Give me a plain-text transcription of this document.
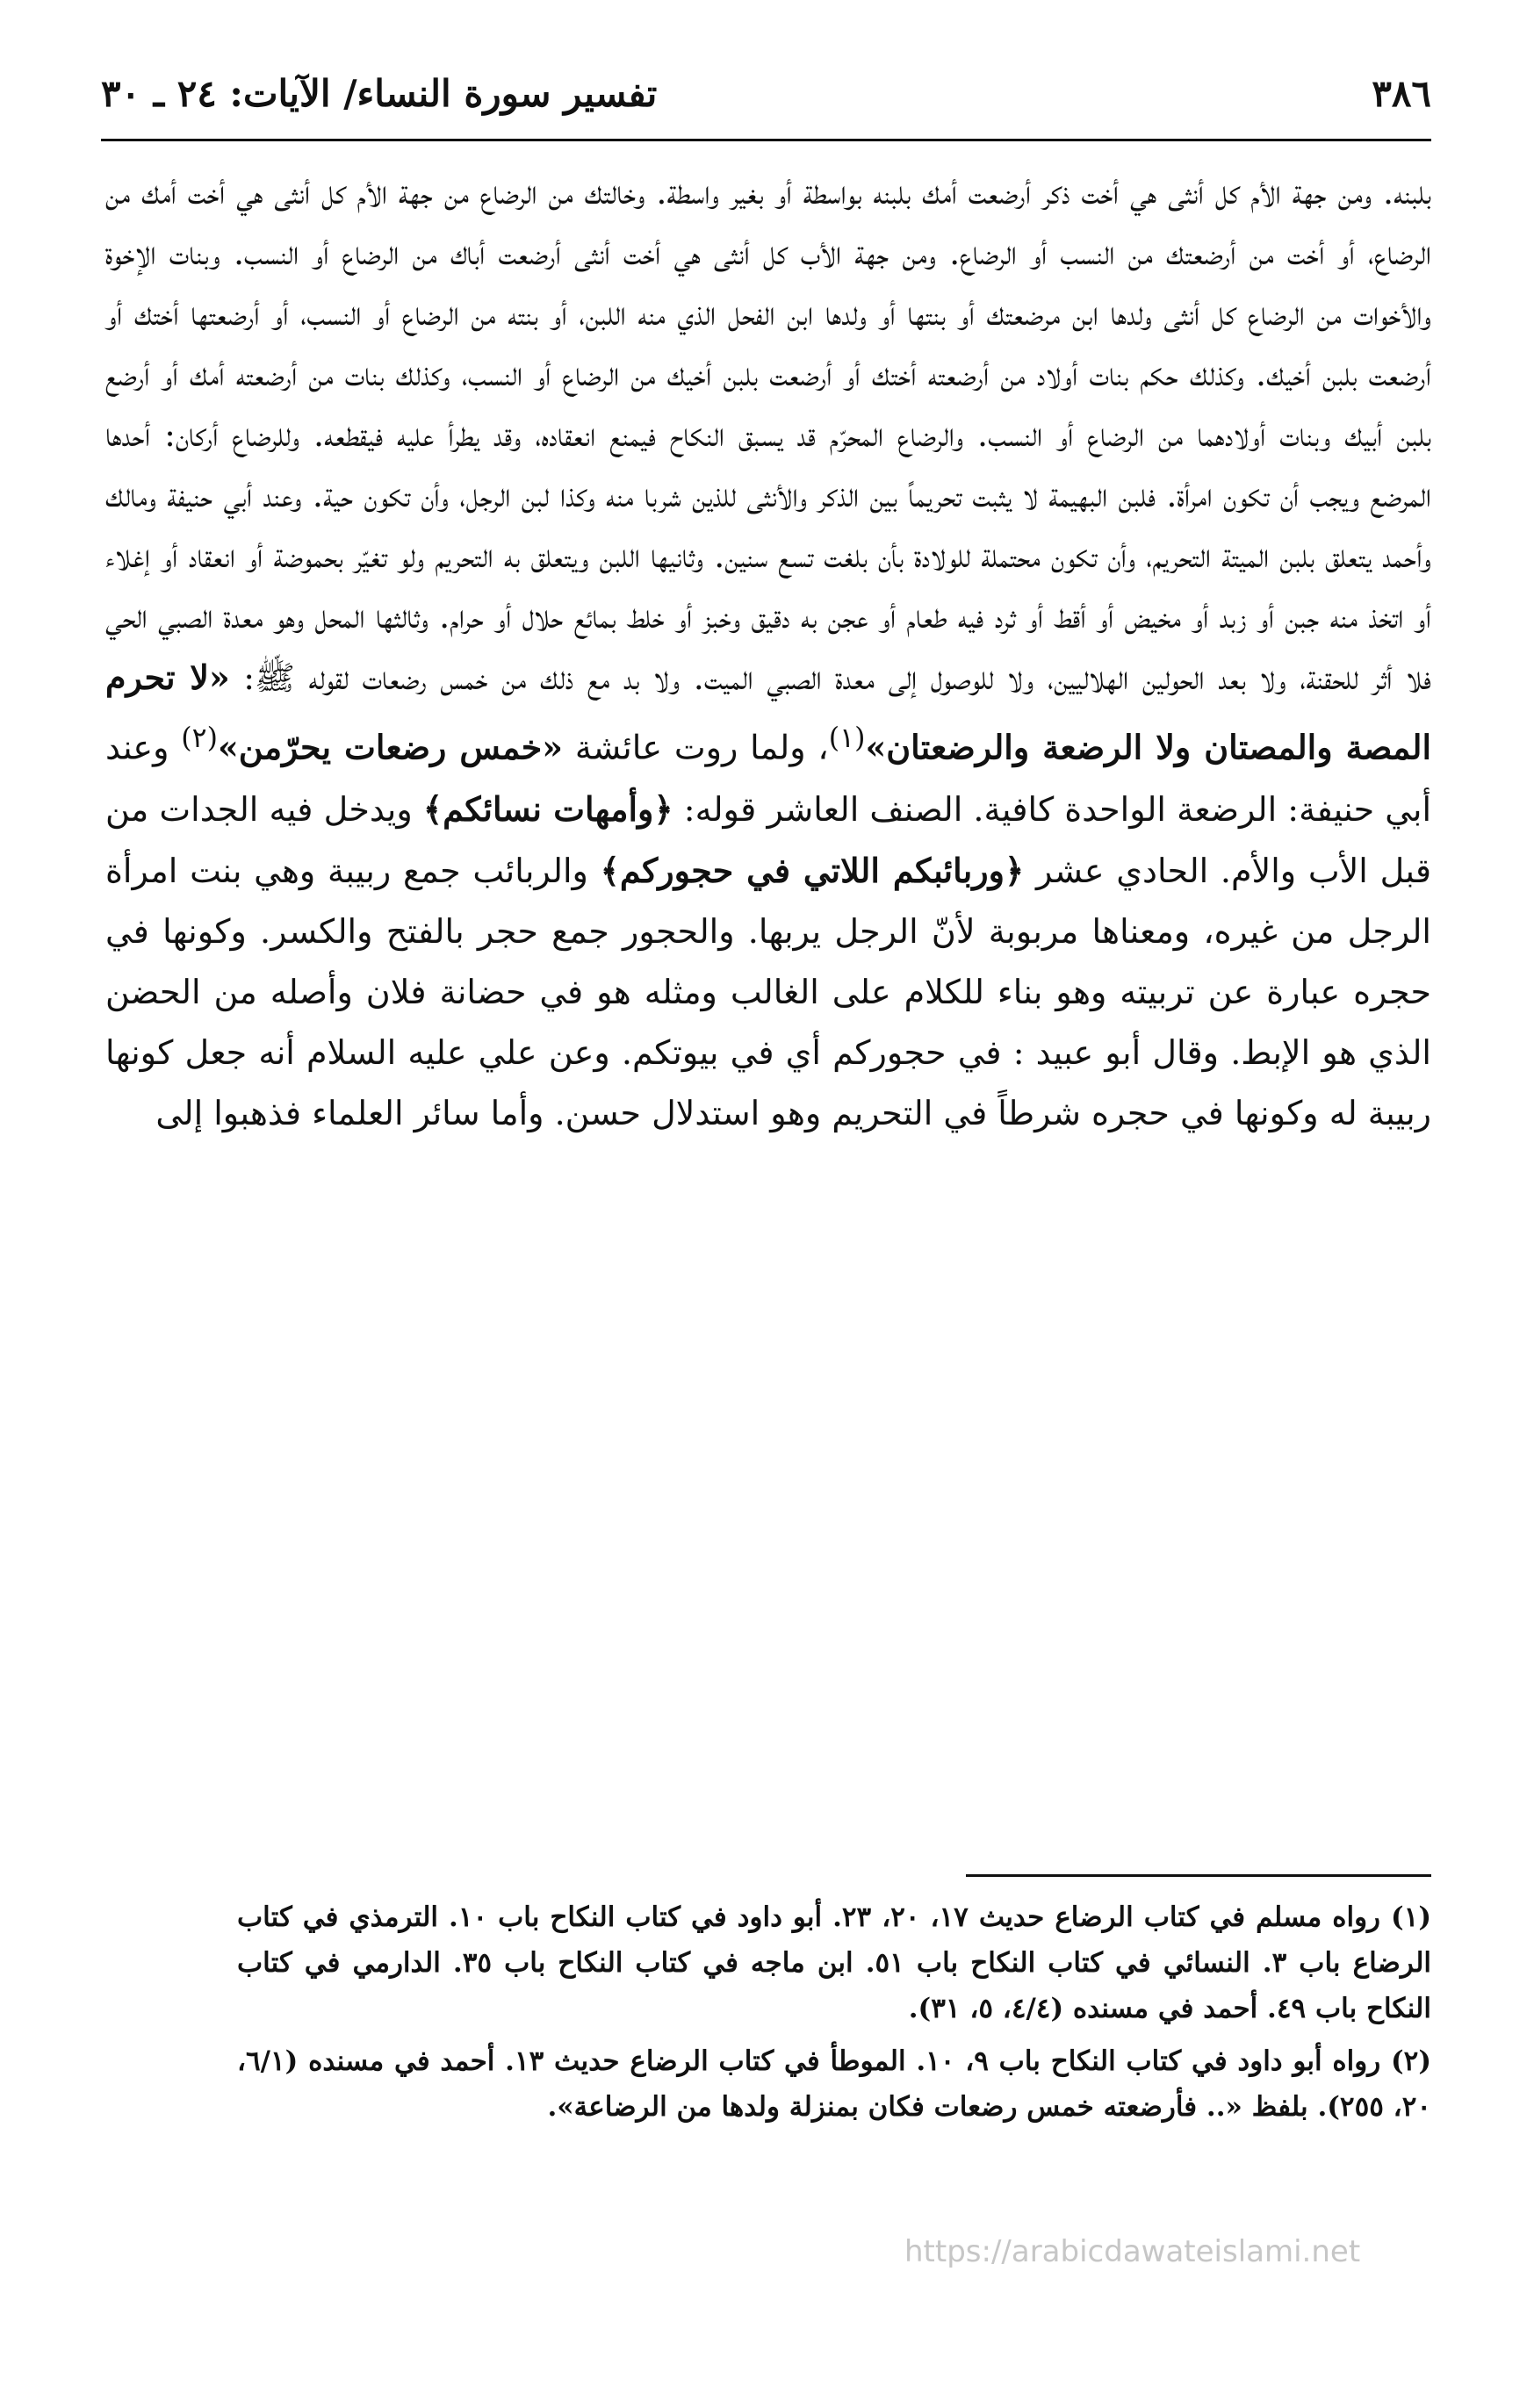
٣٨٦
تفسير سورة النساء/ الآيات: ٢٤ ـ ٣٠

بلبنه. ومن جهة الأم كل أنثى هي أخت ذكر أرضعت أمك بلبنه بواسطة أو بغير واسطة. وخالتك من الرضاع من جهة الأم كل أنثى هي أخت أمك من الرضاع، أو أخت من أرضعتك من النسب أو الرضاع. ومن جهة الأب كل أنثى هي أخت أنثى أرضعت أباك من الرضاع أو النسب. وبنات الإخوة والأخوات من الرضاع كل أنثى ولدها ابن مرضعتك أو بنتها أو ولدها ابن الفحل الذي منه اللبن، أو بنته من الرضاع أو النسب، أو أرضعتها أختك أو أرضعت بلبن أخيك. وكذلك حكم بنات أولاد من أرضعته أختك أو أرضعت بلبن أخيك من الرضاع أو النسب، وكذلك بنات من أرضعته أمك أو أرضع بلبن أبيك وبنات أولادهما من الرضاع أو النسب. والرضاع المحرّم قد يسبق النكاح فيمنع انعقاده، وقد يطرأ عليه فيقطعه. وللرضاع أركان: أحدها المرضع ويجب أن تكون امرأة. فلبن البهيمة لا يثبت تحريماً بين الذكر والأنثى للذين شربا منه وكذا لبن الرجل، وأن تكون حية. وعند أبي حنيفة ومالك وأحمد يتعلق بلبن الميتة التحريم، وأن تكون محتملة للولادة بأن بلغت تسع سنين. وثانيها اللبن ويتعلق به التحريم ولو تغيّر بحموضة أو انعقاد أو إغلاء أو اتخذ منه جبن أو زبد أو مخيض أو أقط أو ثرد فيه طعام أو عجن به دقيق وخبز أو خلط بمائع حلال أو حرام. وثالثها المحل وهو معدة الصبي الحي فلا أثر للحقنة، ولا بعد الحولين الهلاليين، ولا للوصول إلى معدة الصبي الميت. ولا بد مع ذلك من خمس رضعات لقوله ﷺ: «لا تحرم المصة والمصتان ولا الرضعة والرضعتان»$^{(١)}$، ولما روت عائشة «خمس رضعات يحرّمن»$^{(٢)}$ وعند أبي حنيفة: الرضعة الواحدة كافية. الصنف العاشر قوله: ﴿وأمهات نسائكم﴾ ويدخل فيه الجدات من قبل الأب والأم. الحادي عشر ﴿وربائبكم اللاتي في حجوركم﴾ والربائب جمع ربيبة وهي بنت امرأة الرجل من غيره، ومعناها مربوبة لأنّ الرجل يربها. والحجور جمع حجر بالفتح والكسر. وكونها في حجره عبارة عن تربيته وهو بناء للكلام على الغالب ومثله هو في حضانة فلان وأصله من الحضن الذي هو الإبط. وقال أبو عبيد : في حجوركم أي في بيوتكم. وعن علي عليه السلام أنه جعل كونها ربيبة له وكونها في حجره شرطاً في التحريم وهو استدلال حسن. وأما سائر العلماء فذهبوا إلى

(١) رواه مسلم في كتاب الرضاع حديث ١٧، ٢٠، ٢٣. أبو داود في كتاب النكاح باب ١٠. الترمذي في كتاب الرضاع باب ٣. النسائي في كتاب النكاح باب ٥١. ابن ماجه في كتاب النكاح باب ٣٥. الدارمي في كتاب النكاح باب ٤٩. أحمد في مسنده (٤/٤، ٥، ٣١).

(٢) رواه أبو داود في كتاب النكاح باب ٩، ١٠. الموطأ في كتاب الرضاع حديث ١٣. أحمد في مسنده (٦/١، ٢٠، ٢٥٥). بلفظ «.. فأرضعته خمس رضعات فكان بمنزلة ولدها من الرضاعة».

https://arabicdawateislami.net
